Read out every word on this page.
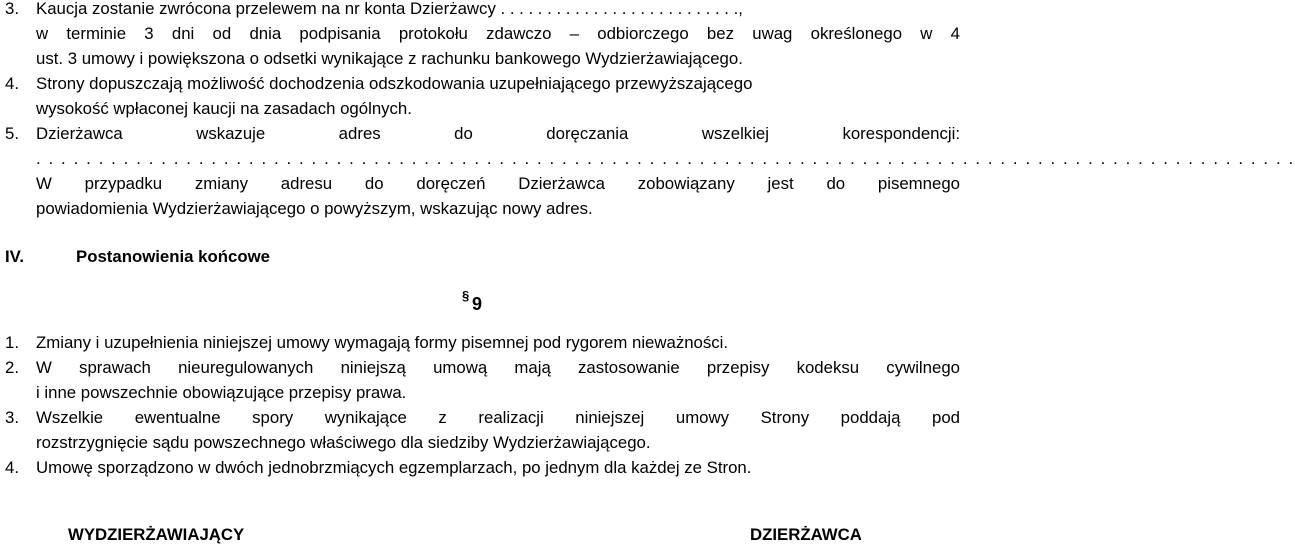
3.	Kaucja zostanie zwrócona przelewem na nr konta Dzierżawcy . . . . . . . . . . . . . . . . . . . . . . . . . .,
w terminie 3 dni od dnia podpisania protokołu zdawczo – odbiorczego bez uwag określonego w 4
ust. 3 umowy i powiększona o odsetki wynikające z rachunku bankowego Wydzierżawiającego.
4.	Strony dopuszczają możliwość dochodzenia odszkodowania uzupełniającego przewyższającego
wysokość wpłaconej kaucji na zasadach ogólnych.
5.	Dzierżawca wskazuje adres do doręczania wszelkiej korespondencji:
. . . . . . . . . . . . . . . . . . . . . . . . . . . . . . . . . . . . . . . . . . . . . . . . . . . . . . . . . . . . . . . . . . . . . . . . . . . . . . . . . . . . . . . . . . . . . . . . . . . . .
W przypadku zmiany adresu do doręczeń Dzierżawca zobowiązany jest do pisemnego
powiadomienia Wydzierżawiającego o powyższym, wskazując nowy adres.
IV.	Postanowienia końcowe
§ 9
1.	Zmiany i uzupełnienia niniejszej umowy wymagają formy pisemnej pod rygorem nieważności.
2.	W sprawach nieuregulowanych niniejszą umową mają zastosowanie przepisy kodeksu cywilnego
i inne powszechnie obowiązujące przepisy prawa.
3.	Wszelkie ewentualne spory wynikające z realizacji niniejszej umowy Strony poddają pod
rozstrzygnięcie sądu powszechnego właściwego dla siedziby Wydzierżawiającego.
4.	Umowę sporządzono w dwóch jednobrzmiących egzemplarzach, po jednym dla każdej ze Stron.
WYDZIERŻAWIAJĄCY	DZIERŻAWCA
